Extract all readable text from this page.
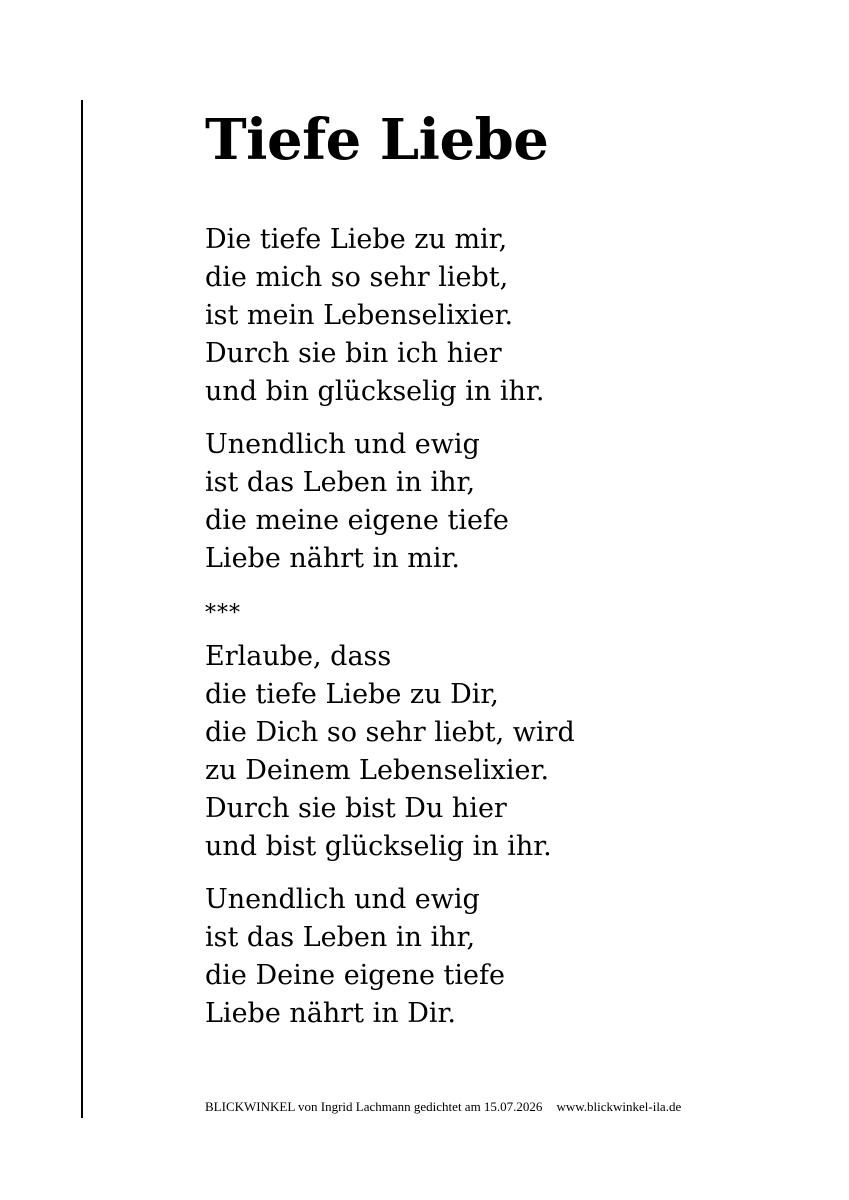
Tiefe Liebe
Die tiefe Liebe zu mir,
die mich so sehr liebt,
ist mein Lebenselixier.
Durch sie bin ich hier
und bin glückselig in ihr.
Unendlich und ewig
ist das Leben in ihr,
die meine eigene tiefe
Liebe nährt in mir.
***
Erlaube, dass
die tiefe Liebe zu Dir,
die Dich so sehr liebt, wird
zu Deinem Lebenselixier.
Durch sie bist Du hier
und bist glückselig in ihr.
Unendlich und ewig
ist das Leben in ihr,
die Deine eigene tiefe
Liebe nährt in Dir.
BLICKWINKEL von Ingrid Lachmann gedichtet am 15.07.2026 www.blickwinkel-ila.de
